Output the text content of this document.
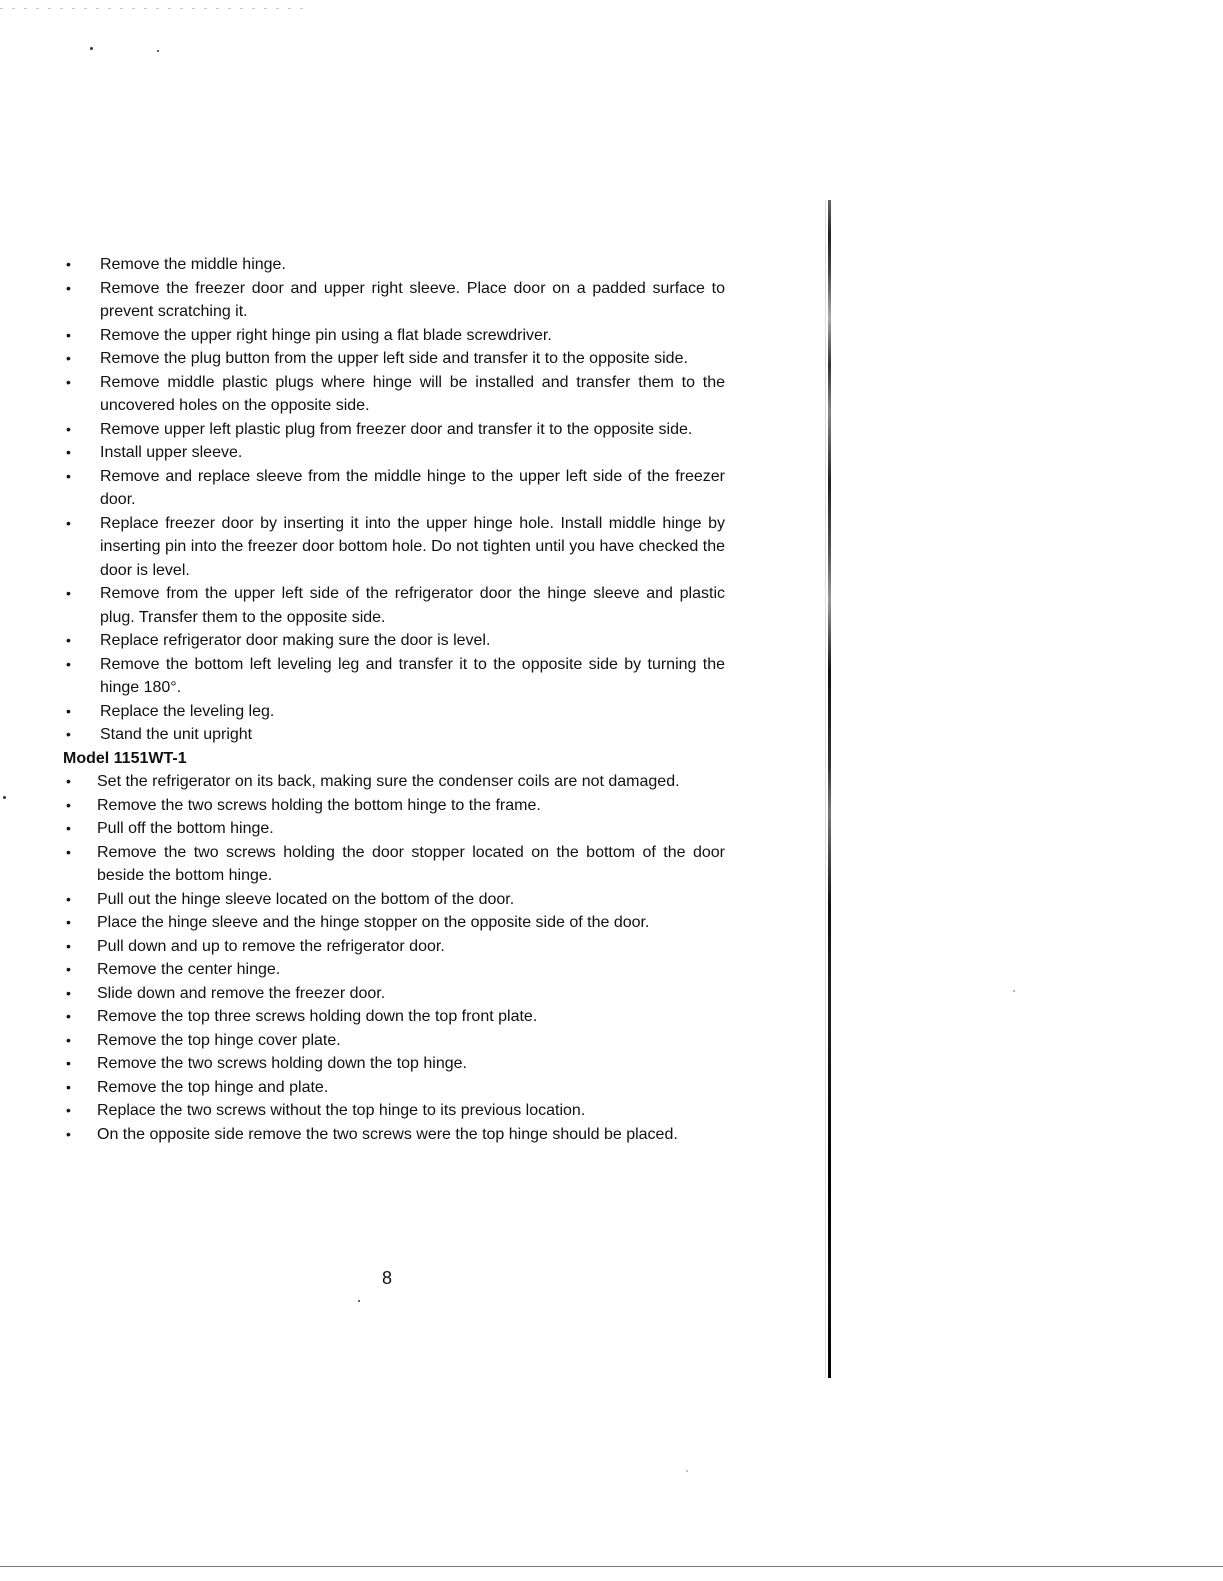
•	Remove the middle hinge.
•	Remove the freezer door and upper right sleeve. Place door on a padded surface to prevent scratching it.
•	Remove the upper right hinge pin using a flat blade screwdriver.
•	Remove the plug button from the upper left side and transfer it to the opposite side.
•	Remove middle plastic plugs where hinge will be installed and transfer them to the uncovered holes on the opposite side.
•	Remove upper left plastic plug from freezer door and transfer it to the opposite side.
•	Install upper sleeve.
•	Remove and replace sleeve from the middle hinge to the upper left side of the freezer door.
•	Replace freezer door by inserting it into the upper hinge hole. Install middle hinge by inserting pin into the freezer door bottom hole. Do not tighten until you have checked the door is level.
•	Remove from the upper left side of the refrigerator door the hinge sleeve and plastic plug. Transfer them to the opposite side.
•	Replace refrigerator door making sure the door is level.
•	Remove the bottom left leveling leg and transfer it to the opposite side by turning the hinge 180°.
•	Replace the leveling leg.
•	Stand the unit upright
Model 1151WT-1
•	Set the refrigerator on its back, making sure the condenser coils are not damaged.
•	Remove the two screws holding the bottom hinge to the frame.
•	Pull off the bottom hinge.
•	Remove the two screws holding the door stopper located on the bottom of the door beside the bottom hinge.
•	Pull out the hinge sleeve located on the bottom of the door.
•	Place the hinge sleeve and the hinge stopper on the opposite side of the door.
•	Pull down and up to remove the refrigerator door.
•	Remove the center hinge.
•	Slide down and remove the freezer door.
•	Remove the top three screws holding down the top front plate.
•	Remove the top hinge cover plate.
•	Remove the two screws holding down the top hinge.
•	Remove the top hinge and plate.
•	Replace the two screws without the top hinge to its previous location.
•	On the opposite side remove the two screws were the top hinge should be placed.
8
